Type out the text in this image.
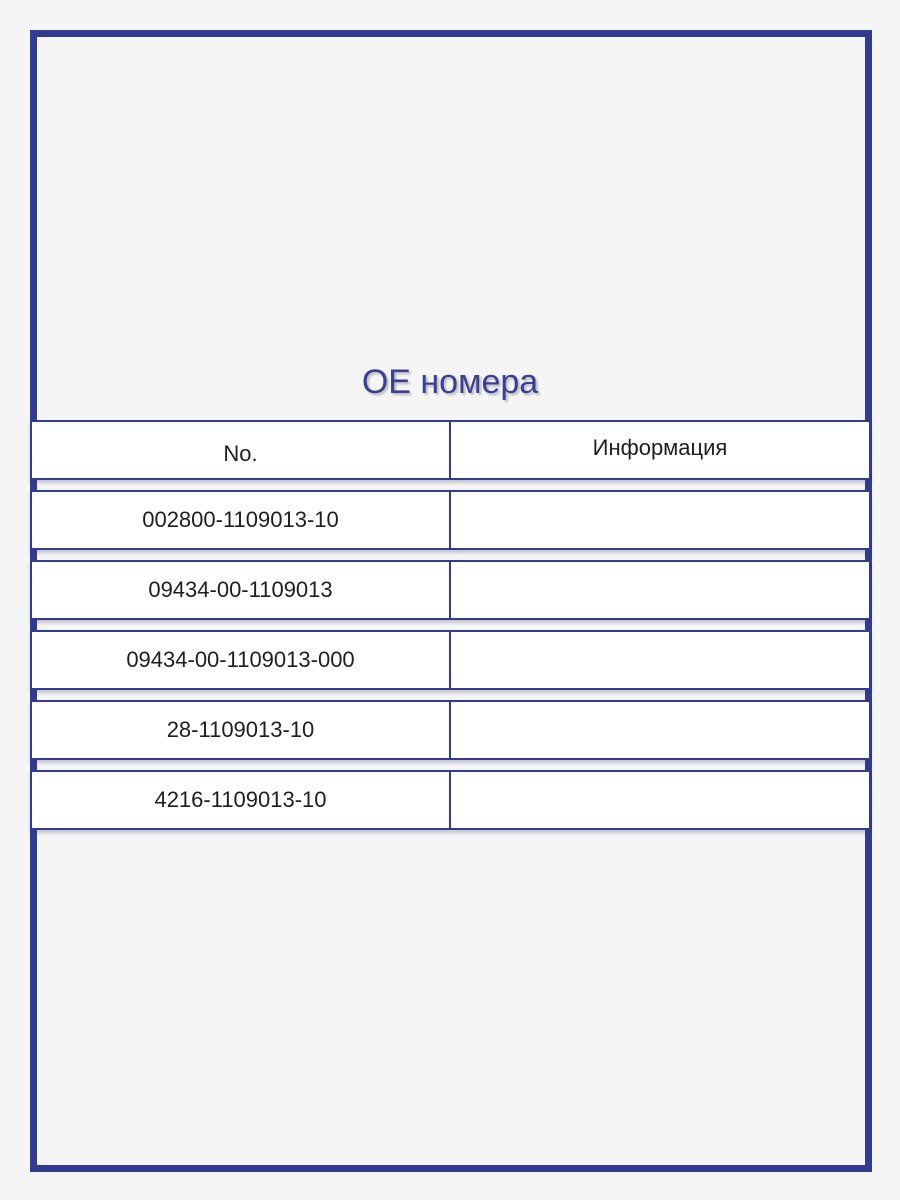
OE номера
No.	Информация
002800-1109013-10
09434-00-1109013
09434-00-1109013-000
28-1109013-10
4216-1109013-10
